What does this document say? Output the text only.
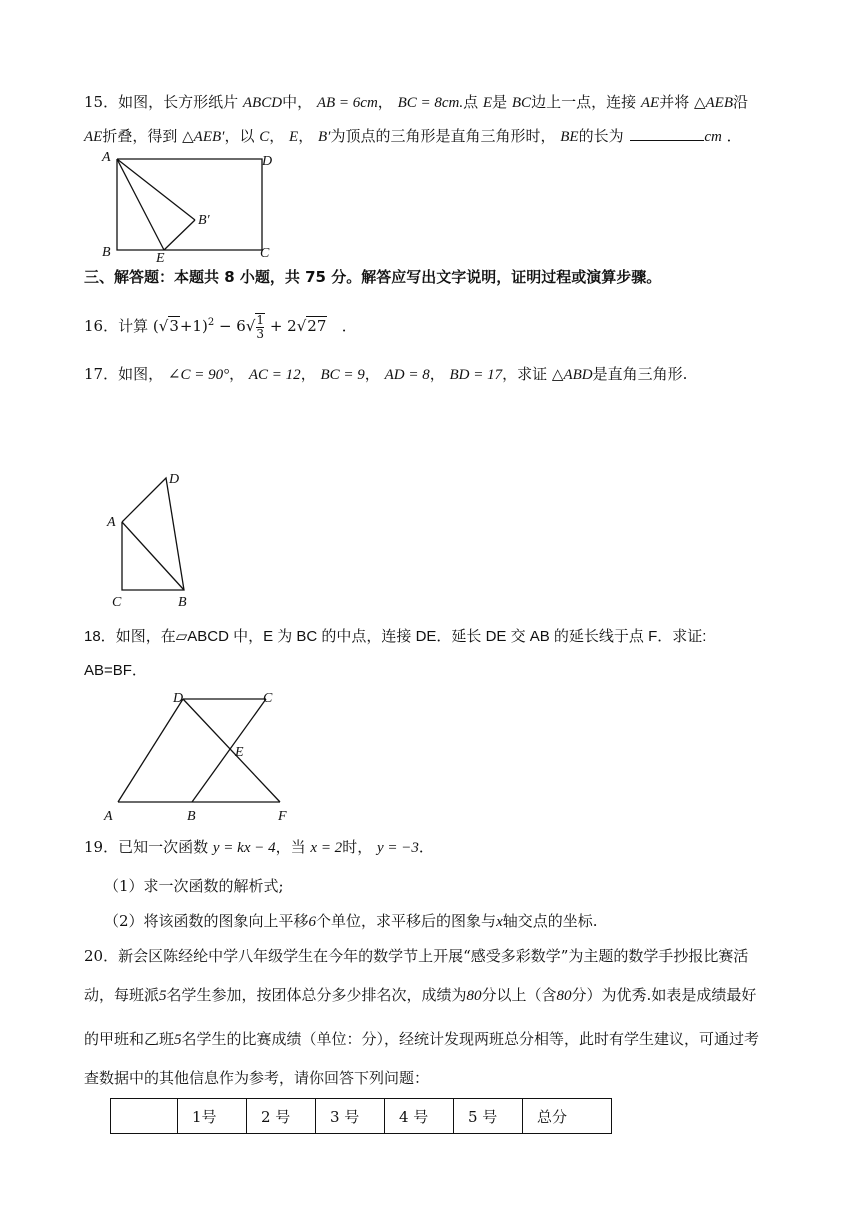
15．如图，长方形纸片 ABCD中， AB = 6cm， BC = 8cm.点 E是 BC边上一点，连接 AE并将 △AEB沿
AE折叠，得到 △AEB′，以 C， E， B′为顶点的三角形是直角三角形时， BE的长为	cm ．
A	D
B′
B	E	C
三、解答题：本题共 8 小题，共 75 分。解答应写出文字说明，证明过程或演算步骤。
16．计算 $(√3+1)^2 - 6√ \frac{1}{3} + 2√27$ ．
17．如图， ∠C = 90°， AC = 12， BC = 9， AD = 8， BD = 17，求证 △ABD是直角三角形.
D
A
C	B
18．如图，在▱ABCD 中，E 为 BC 的中点，连接 DE．延长 DE 交 AB 的延长线于点 F．求证:
AB=BF．
D	C
E
A	B	F
19．已知一次函数 y = kx − 4，当 x = 2时， y = −3．
（1）求一次函数的解析式;
（2）将该函数的图象向上平移6个单位，求平移后的图象与x轴交点的坐标.
20．新会区陈经纶中学八年级学生在今年的数学节上开展“感受多彩数学”为主题的数学手抄报比赛活
动，每班派5名学生参加，按团体总分多少排名次，成绩为80分以上（含80分）为优秀.如表是成绩最好
的甲班和乙班5名学生的比赛成绩（单位：分），经统计发现两班总分相等，此时有学生建议，可通过考
查数据中的其他信息作为参考，请你回答下列问题：
	1号	2 号	3 号	4 号	5 号	总分
